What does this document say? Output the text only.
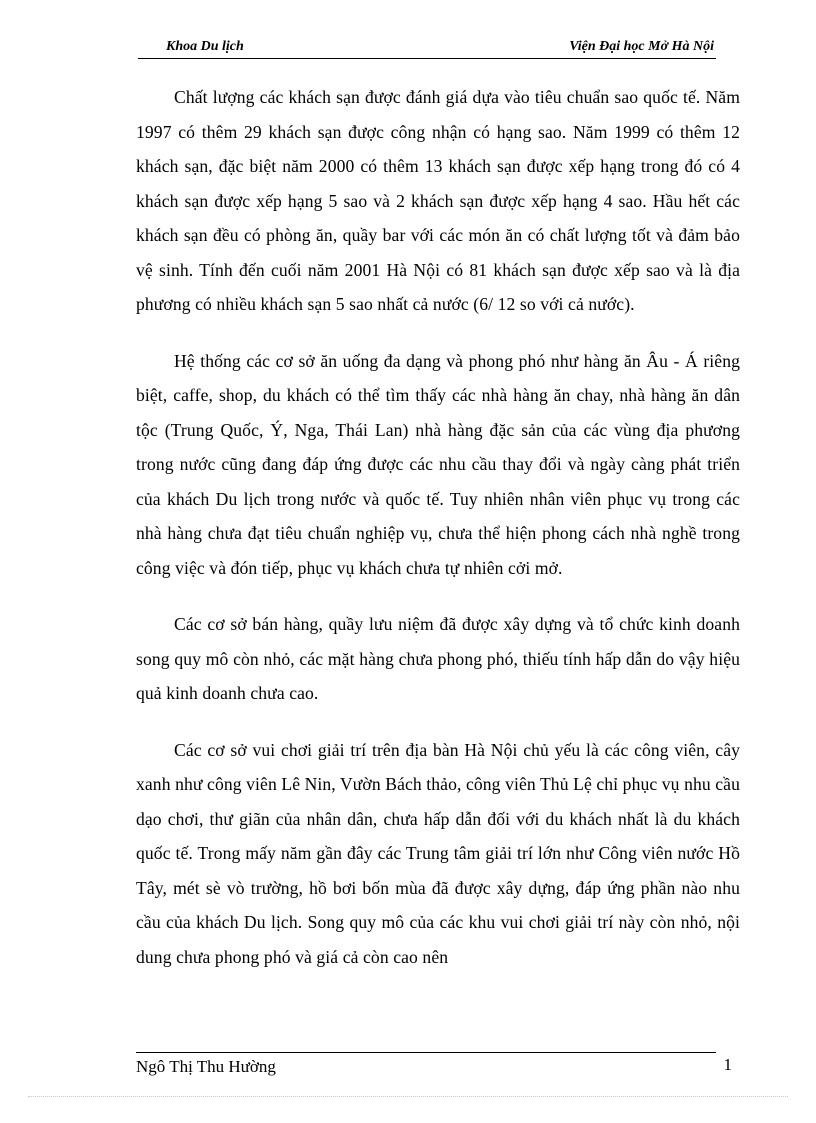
Khoa Du lịch	Viện Đại học Mở Hà Nội

Chất lượng các khách sạn được đánh giá dựa vào tiêu chuẩn sao quốc tế. Năm 1997 có thêm 29 khách sạn được công nhận có hạng sao. Năm 1999 có thêm 12 khách sạn, đặc biệt năm 2000 có thêm 13 khách sạn được xếp hạng trong đó có 4 khách sạn được xếp hạng 5 sao và 2 khách sạn được xếp hạng 4 sao. Hầu hết các khách sạn đều có phòng ăn, quầy bar với các món ăn có chất lượng tốt và đảm bảo vệ sinh. Tính đến cuối năm 2001 Hà Nội có 81 khách sạn được xếp sao và là địa phương có nhiều khách sạn 5 sao nhất cả nước (6/ 12 so với cả nước).

Hệ thống các cơ sở ăn uống đa dạng và phong phó như hàng ăn Âu - Á riêng biệt, caffe, shop, du khách có thể tìm thấy các nhà hàng ăn chay, nhà hàng ăn dân tộc (Trung Quốc, Ý, Nga, Thái Lan) nhà hàng đặc sản của các vùng địa phương trong nước cũng đang đáp ứng được các nhu cầu thay đổi và ngày càng phát triển của khách Du lịch trong nước và quốc tế. Tuy nhiên nhân viên phục vụ trong các nhà hàng chưa đạt tiêu chuẩn nghiệp vụ, chưa thể hiện phong cách nhà nghề trong công việc và đón tiếp, phục vụ khách chưa tự nhiên cởi mở.

Các cơ sở bán hàng, quầy lưu niệm đã được xây dựng và tổ chức kinh doanh song quy mô còn nhỏ, các mặt hàng chưa phong phó, thiếu tính hấp dẫn do vậy hiệu quả kinh doanh chưa cao.

Các cơ sở vui chơi giải trí trên địa bàn Hà Nội chủ yếu là các công viên, cây xanh như công viên Lê Nin, Vườn Bách thảo, công viên Thủ Lệ chỉ phục vụ nhu cầu dạo chơi, thư giãn của nhân dân, chưa hấp dẫn đối với du khách nhất là du khách quốc tế. Trong mấy năm gần đây các Trung tâm giải trí lớn như Công viên nước Hồ Tây, mét sè vò trường, hồ bơi bốn mùa đã được xây dựng, đáp ứng phần nào nhu cầu của khách Du lịch. Song quy mô của các khu vui chơi giải trí này còn nhỏ, nội dung chưa phong phó và giá cả còn cao nên

Ngô Thị Thu Hường	1
